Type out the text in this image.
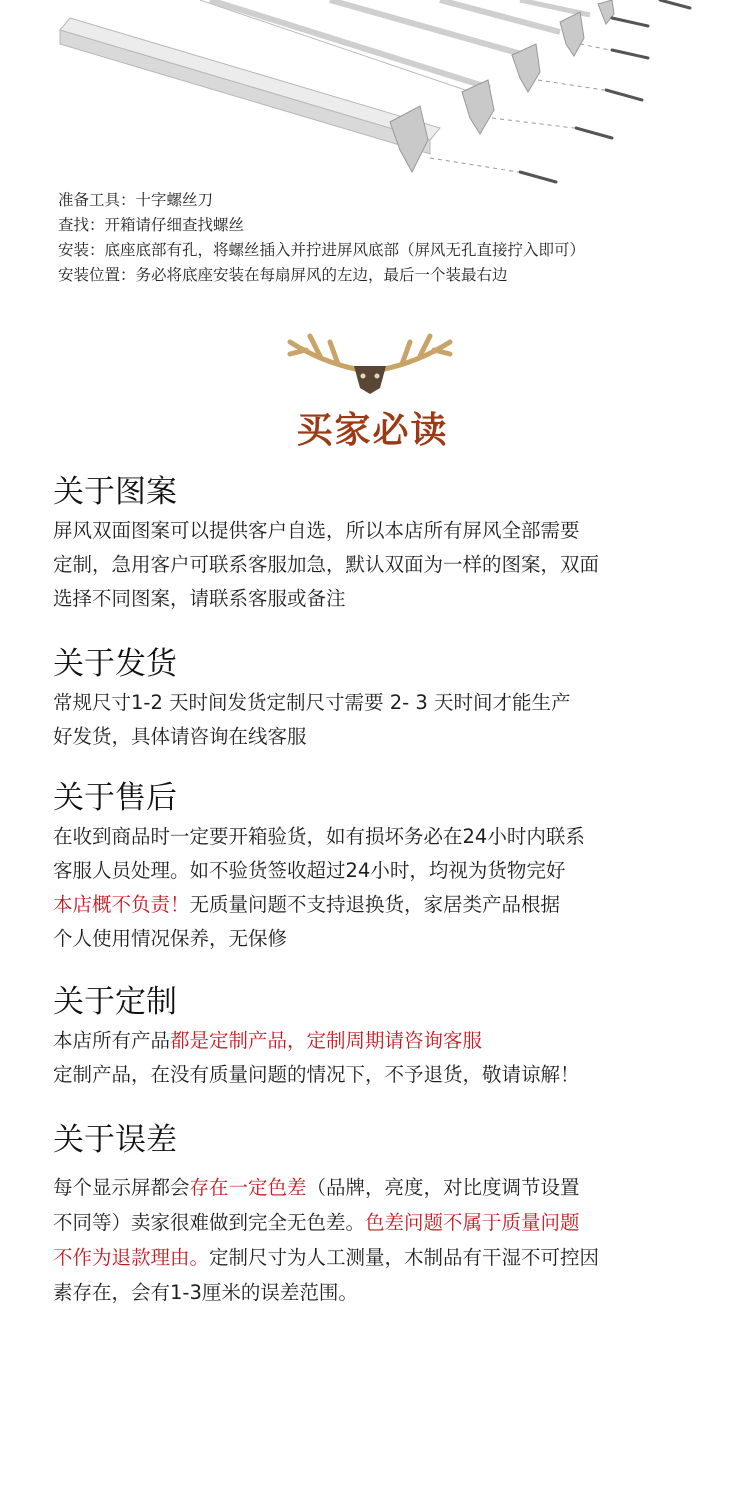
准备工具：十字螺丝刀
查找：开箱请仔细查找螺丝
安装：底座底部有孔，将螺丝插入并拧进屏风底部（屏风无孔直接拧入即可）
安装位置：务必将底座安装在每扇屏风的左边，最后一个装最右边
买家必读
关于图案

屏风双面图案可以提供客户自选，所以本店所有屏风全部需要

定制，急用客户可联系客服加急，默认双面为一样的图案，双面

选择不同图案，请联系客服或备注

关于发货

常规尺寸1-2 天时间发货定制尺寸需要 2- 3 天时间才能生产

好发货，具体请咨询在线客服

关于售后

在收到商品时一定要开箱验货，如有损坏务必在24小时内联系

客服人员处理。如不验货签收超过24小时，均视为货物完好

本店概不负责！无质量问题不支持退换货，家居类产品根据

个人使用情况保养，无保修

关于定制

本店所有产品都是定制产品，定制周期请咨询客服

定制产品，在没有质量问题的情况下，不予退货，敬请谅解！

关于误差

每个显示屏都会存在一定色差（品牌，亮度，对比度调节设置

不同等）卖家很难做到完全无色差。色差问题不属于质量问题

不作为退款理由。定制尺寸为人工测量，木制品有干湿不可控因

素存在，会有1-3厘米的误差范围。
